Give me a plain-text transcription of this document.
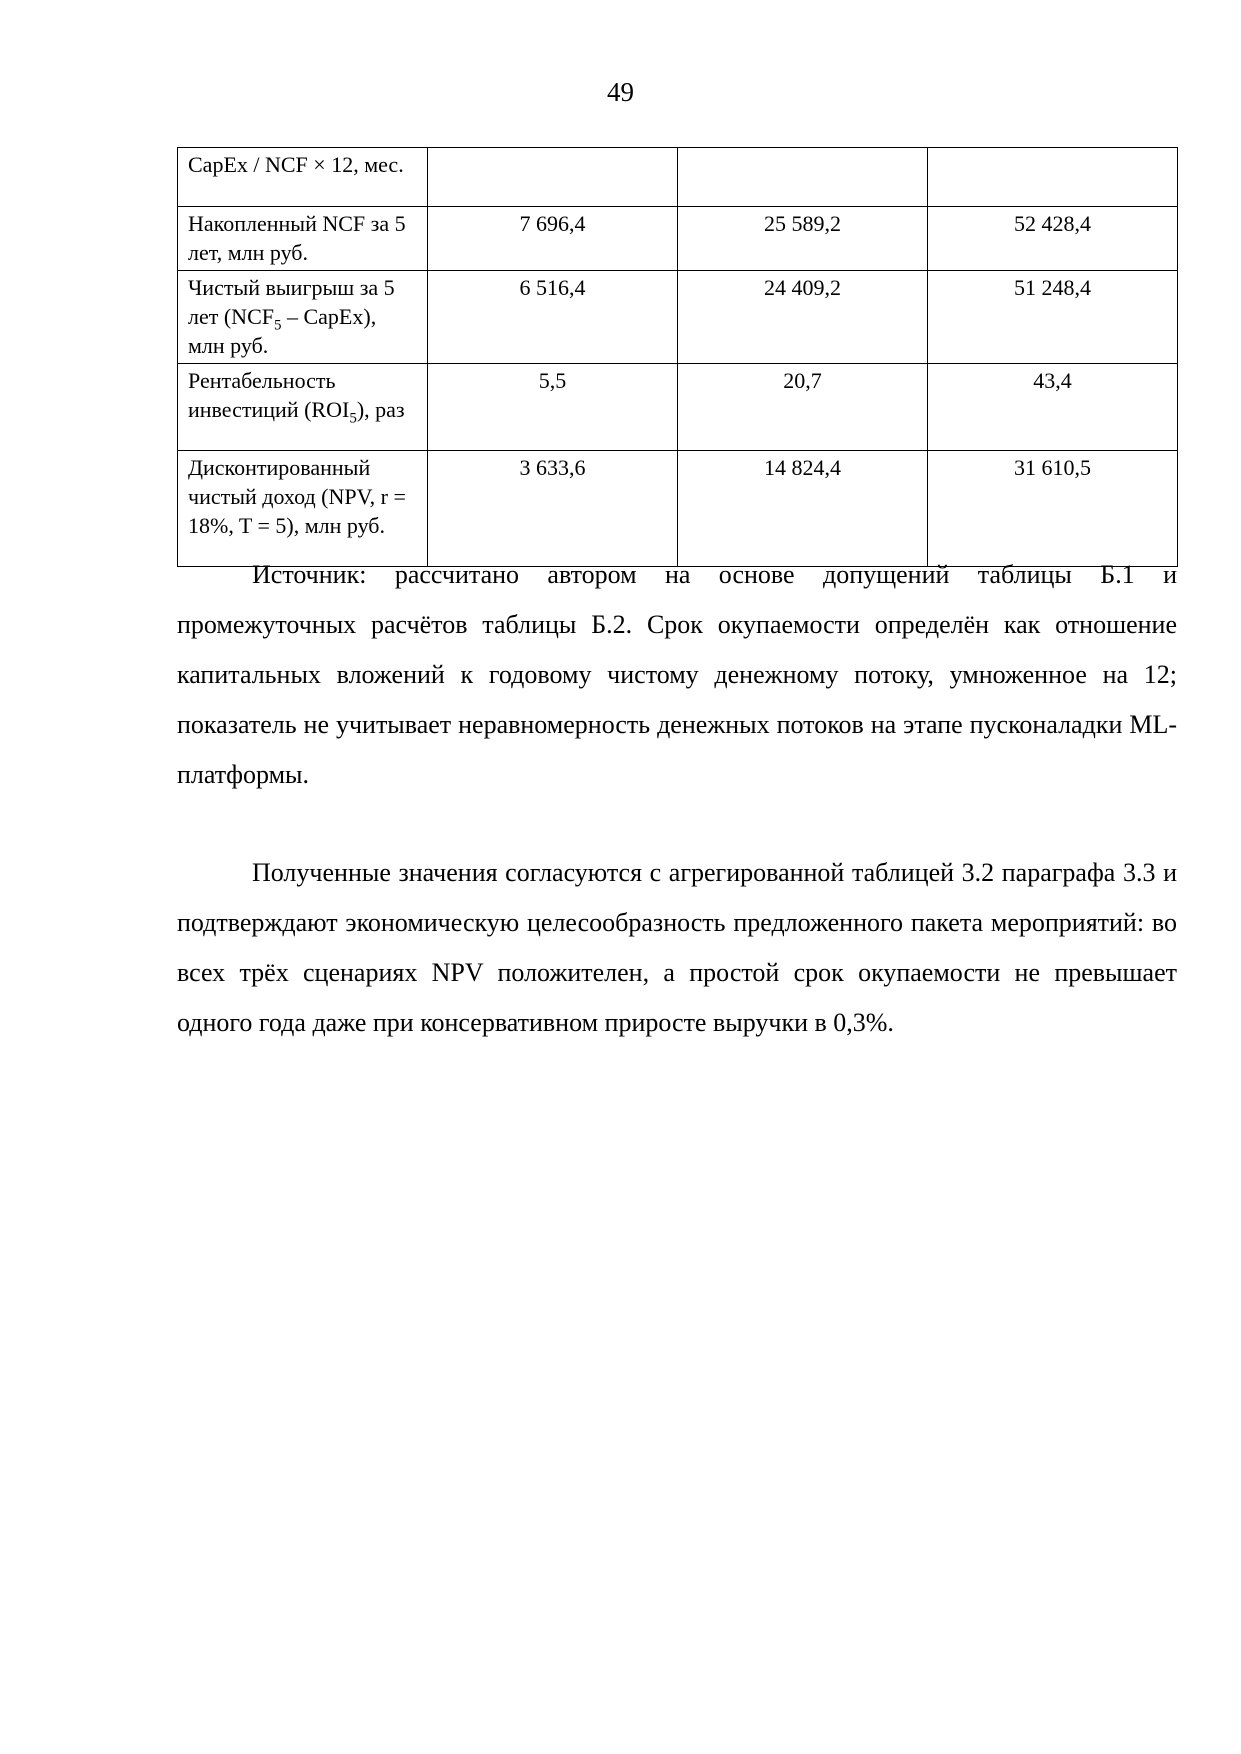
49
CapEx / NCF × 12, мес.			
Накопленный NCF за 5 лет, млн руб.	7 696,4	25 589,2	52 428,4
Чистый выигрыш за 5 лет ($NCF_5$ – CapEx), млн руб.	6 516,4	24 409,2	51 248,4
Рентабельность инвестиций $(ROI_5)$, раз	5,5	20,7	43,4
Дисконтированный чистый доход (NPV, r = 18%, T = 5), млн руб.	3 633,6	14 824,4	31 610,5

Источник: рассчитано автором на основе допущений таблицы Б.1 и промежуточных расчётов таблицы Б.2. Срок окупаемости определён как отношение капитальных вложений к годовому чистому денежному потоку, умноженное на 12; показатель не учитывает неравномерность денежных потоков на этапе пусконаладки ML-платформы.

Полученные значения согласуются с агрегированной таблицей 3.2 параграфа 3.3 и подтверждают экономическую целесообразность предложенного пакета мероприятий: во всех трёх сценариях NPV положителен, а простой срок окупаемости не превышает одного года даже при консервативном приросте выручки в 0,3%.
